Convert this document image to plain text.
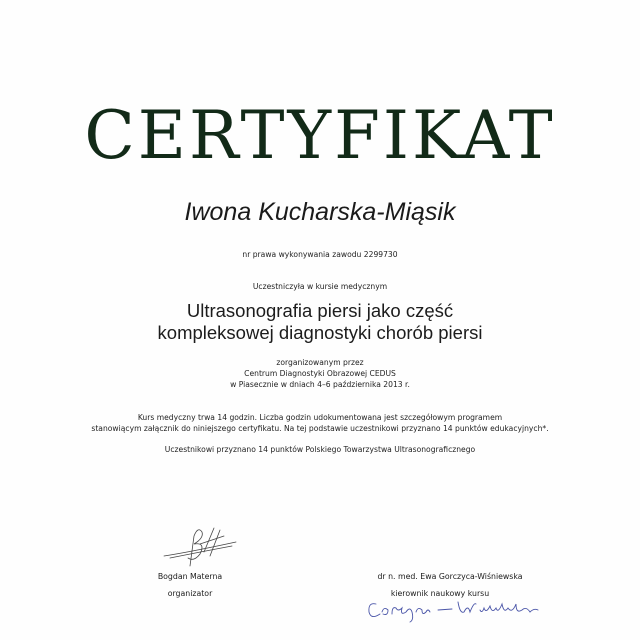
CERTYFIKAT
Iwona Kucharska-Miąsik
nr prawa wykonywania zawodu 2299730
Uczestniczyła w kursie medycznym
Ultrasonografia piersi jako część
kompleksowej diagnostyki chorób piersi
zorganizowanym przez
Centrum Diagnostyki Obrazowej CEDUS
w Piasecznie w dniach 4–6 października 2013 r.
Kurs medyczny trwa 14 godzin. Liczba godzin udokumentowana jest szczegółowym programem
stanowiącym załącznik do niniejszego certyfikatu. Na tej podstawie uczestnikowi przyznano 14 punktów edukacyjnych*.
Uczestnikowi przyznano 14 punktów Polskiego Towarzystwa Ultrasonograficznego
Bogdan Materna
organizator
dr n. med. Ewa Gorczyca-Wiśniewska
kierownik naukowy kursu
